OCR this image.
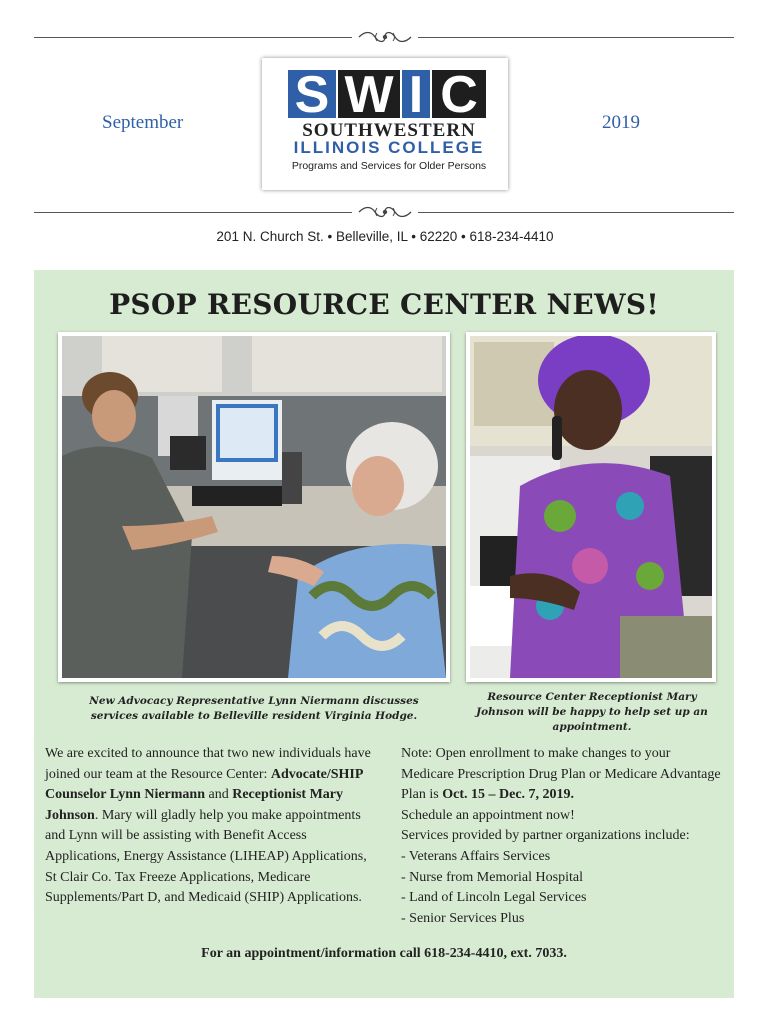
September	2019
S W I C
SOUTHWESTERN
ILLINOIS COLLEGE
Programs and Services for Older Persons
201 N. Church St. • Belleville, IL • 62220 • 618-234-4410
PSOP RESOURCE CENTER NEWS!
New Advocacy Representative Lynn Niermann discusses services available to Belleville resident Virginia Hodge.
Resource Center Receptionist Mary Johnson will be happy to help set up an appointment.
We are excited to announce that two new individuals have joined our team at the Resource Center: Advocate/SHIP Counselor Lynn Niermann and Receptionist Mary Johnson. Mary will gladly help you make appointments and Lynn will be assisting with Benefit Access Applications, Energy Assistance (LIHEAP) Applications, St Clair Co. Tax Freeze Applications, Medicare Supplements/Part D, and Medicaid (SHIP) Applications.
Note: Open enrollment to make changes to your Medicare Prescription Drug Plan or Medicare Advantage Plan is Oct. 15 – Dec. 7, 2019.
Schedule an appointment now!
Services provided by partner organizations include:
- Veterans Affairs Services
- Nurse from Memorial Hospital
- Land of Lincoln Legal Services
- Senior Services Plus
For an appointment/information call 618-234-4410, ext. 7033.
